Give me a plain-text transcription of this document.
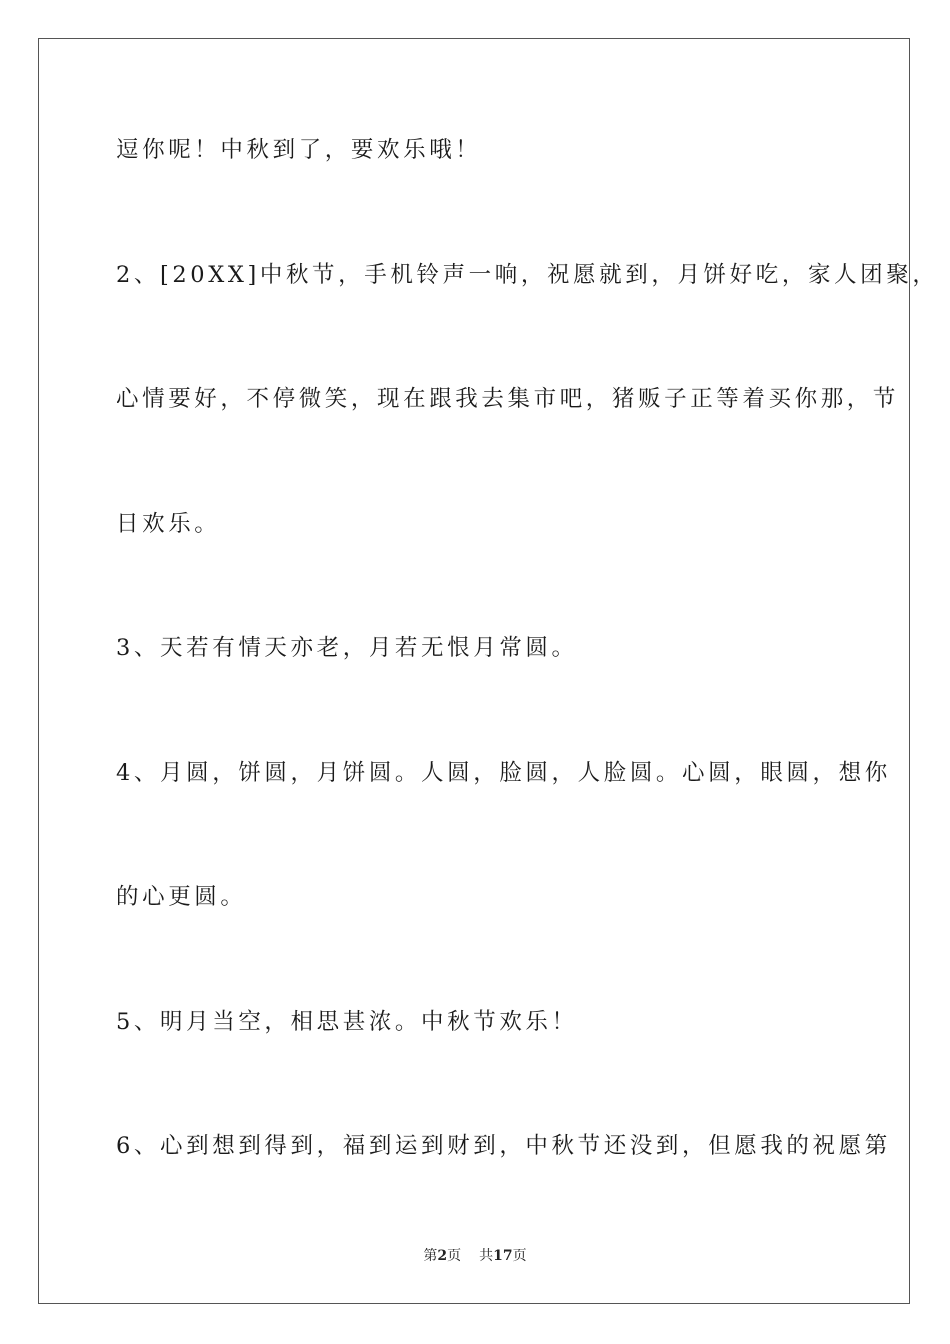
逗你呢！中秋到了，要欢乐哦！
2、[20XX]中秋节，手机铃声一响，祝愿就到，月饼好吃，家人团聚，
心情要好，不停微笑，现在跟我去集市吧，猪贩子正等着买你那，节
日欢乐。
3、天若有情天亦老，月若无恨月常圆。
4、月圆，饼圆，月饼圆。人圆，脸圆，人脸圆。心圆，眼圆，想你
的心更圆。
5、明月当空，相思甚浓。中秋节欢乐！
6、心到想到得到，福到运到财到，中秋节还没到，但愿我的祝愿第
第2页 共17页
